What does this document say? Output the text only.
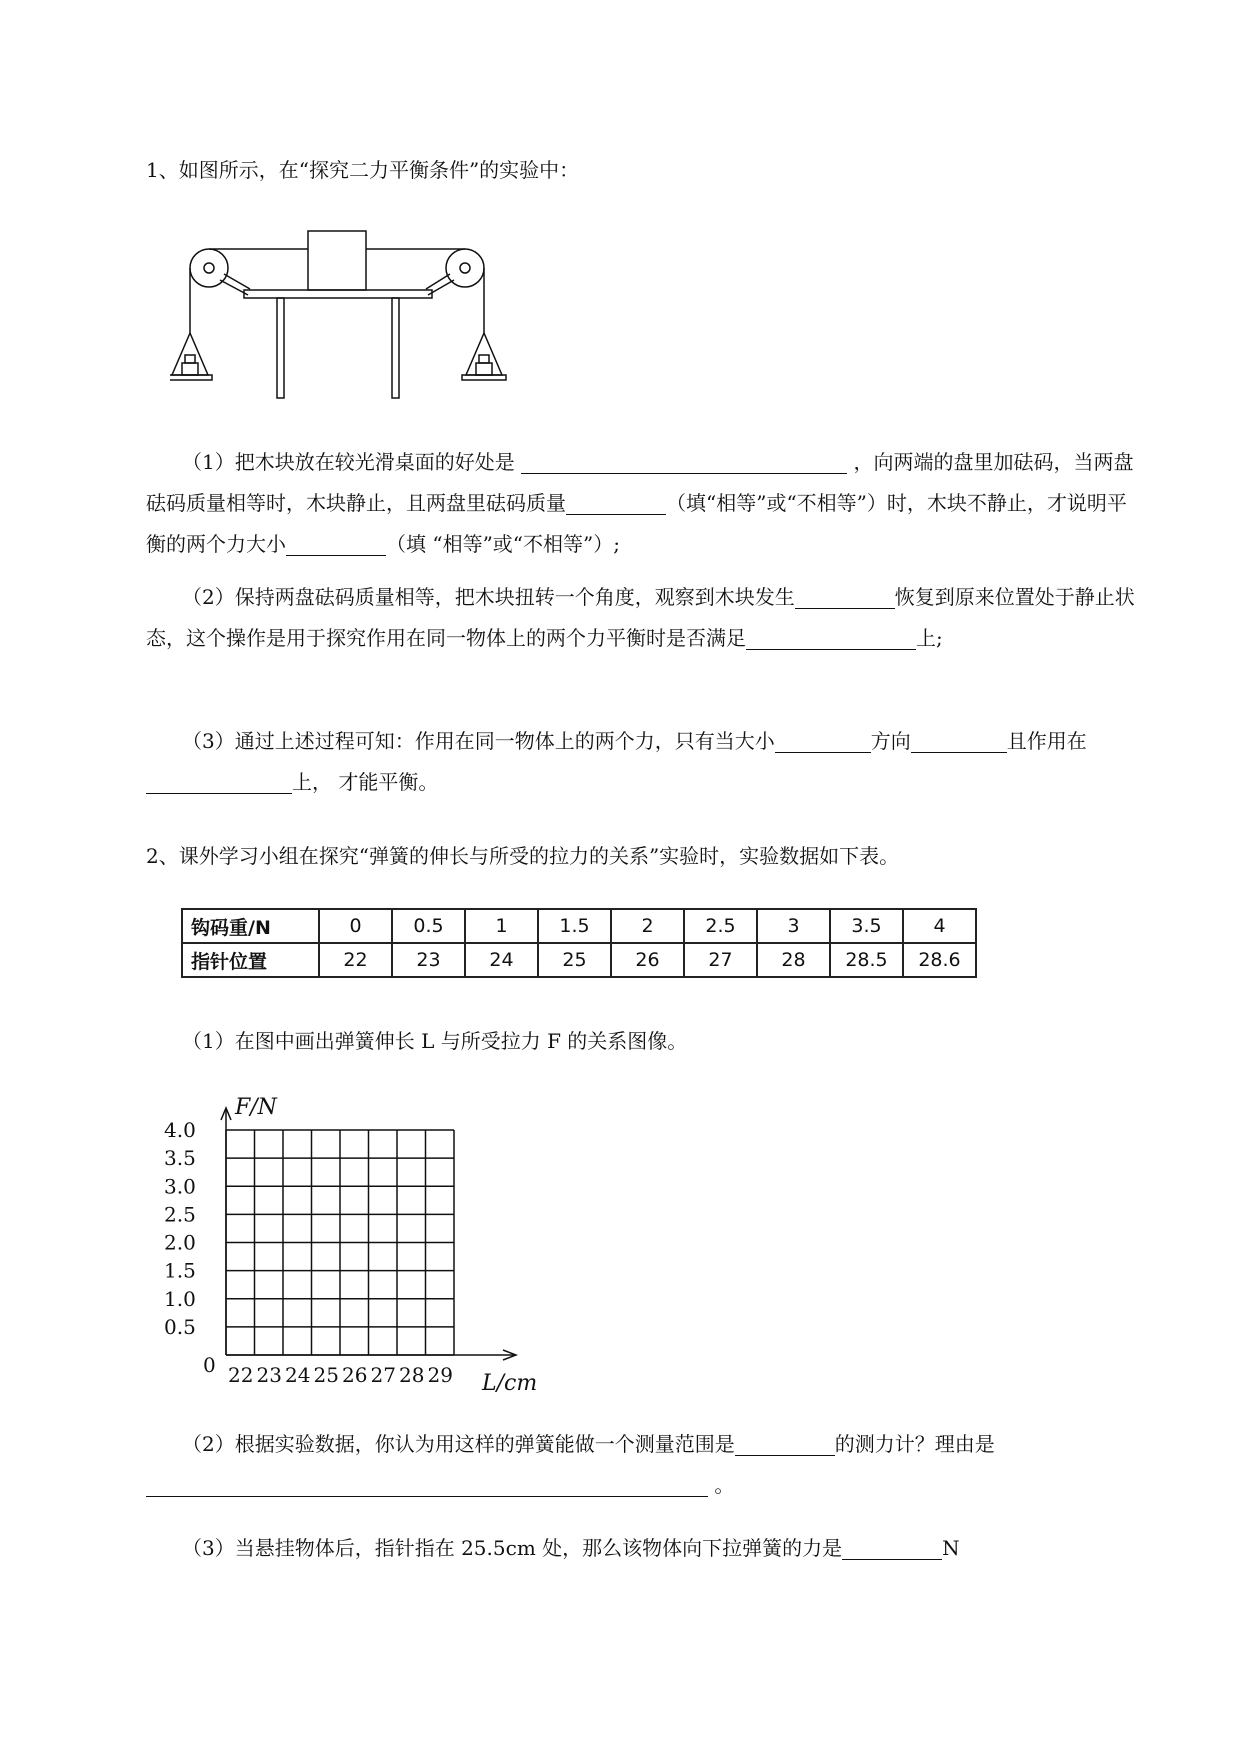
1、如图所示，在“探究二力平衡条件”的实验中：

（1）把木块放在较光滑桌面的好处是	，向两端的盘里加砝码，当两盘砝码质量相等时，木块静止，且两盘里砝码质量	（填“相等”或“不相等”）时，木块不静止，才说明平衡的两个力大小	（填 “相等”或“不相等”）;

（2）保持两盘砝码质量相等，把木块扭转一个角度，观察到木块发生	恢复到原来位置处于静止状态，这个操作是用于探究作用在同一物体上的两个力平衡时是否满足	上;

（3）通过上述过程可知：作用在同一物体上的两个力，只有当大小	方向	且作用在上， 才能平衡。

2、课外学习小组在探究“弹簧的伸长与所受的拉力的关系”实验时，实验数据如下表。

钩码重/N	0	0.5	1	1.5	2	2.5	3	3.5	4
指针位置	22	23	24	25	26	27	28	28.5	28.6

（1）在图中画出弹簧伸长 L 与所受拉力 F 的关系图像。

F/N
L/cm
0
4.0
3.5
3.0
2.5
2.0
1.5
1.0
0.5
22 23 24 25 26 27 28 29

（2）根据实验数据，你认为用这样的弹簧能做一个测量范围是	的测力计？理由是 。

（3）当悬挂物体后，指针指在 25.5cm 处，那么该物体向下拉弹簧的力是	N
